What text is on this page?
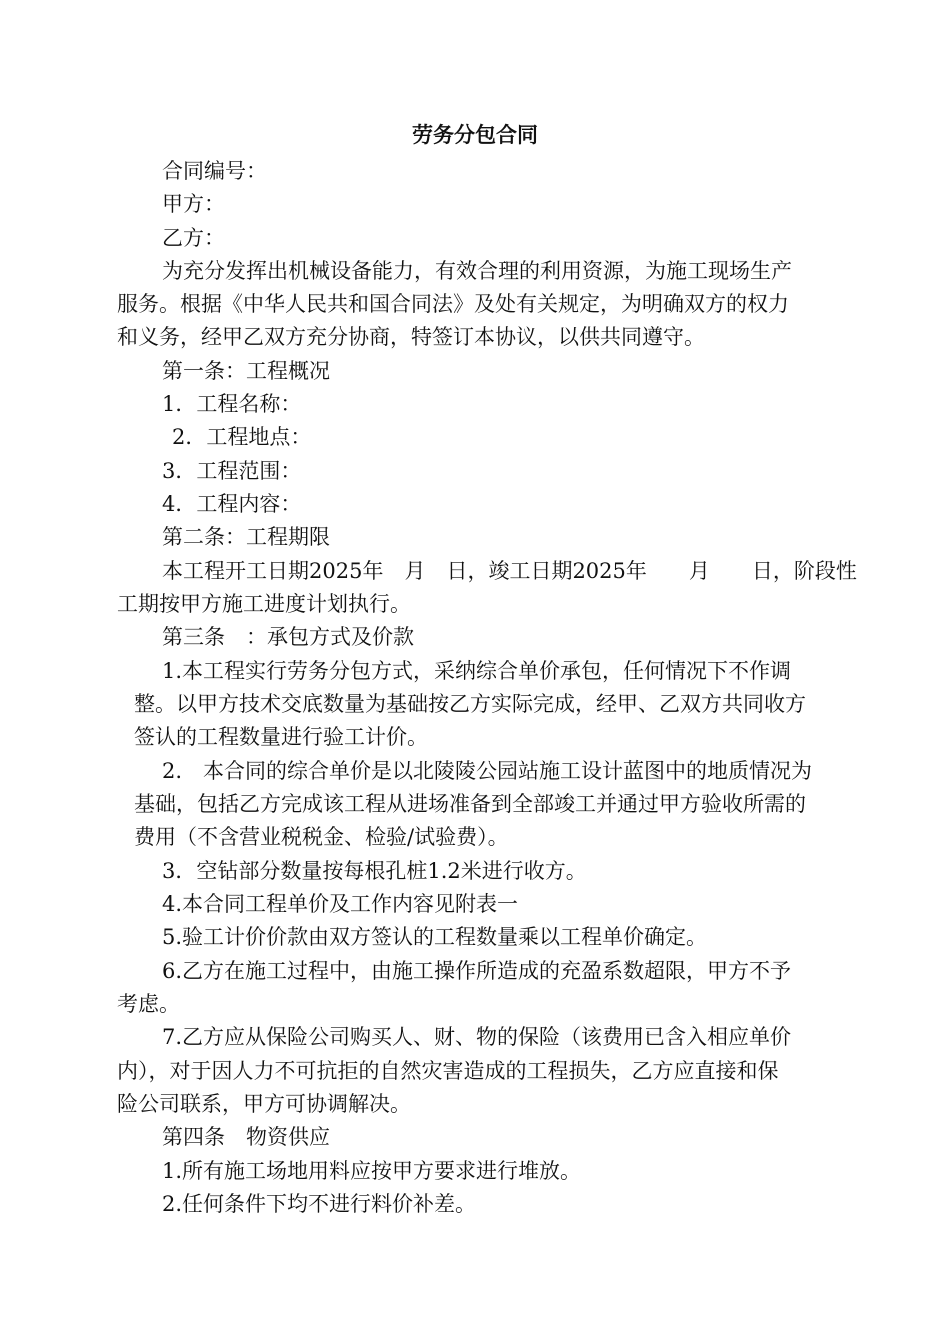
劳务分包合同
合同编号：
甲方：
乙方：
为充分发挥出机械设备能力，有效合理的利用资源，为施工现场生产
服务。根据《中华人民共和国合同法》及处有关规定，为明确双方的权力
和义务，经甲乙双方充分协商，特签订本协议，以供共同遵守。
第一条：工程概况
1．工程名称：
2．工程地点：
3．工程范围：
4．工程内容：
第二条：工程期限
本工程开工日期2025年　月　日，竣工日期2025年　　月　　日，阶段性
工期按甲方施工进度计划执行。
第三条　：承包方式及价款
1.本工程实行劳务分包方式，采纳综合单价承包，任何情况下不作调
整。以甲方技术交底数量为基础按乙方实际完成，经甲、乙双方共同收方
签认的工程数量进行验工计价。
2.　本合同的综合单价是以北陵陵公园站施工设计蓝图中的地质情况为
基础，包括乙方完成该工程从进场准备到全部竣工并通过甲方验收所需的
费用（不含营业税税金、检验/试验费）。
3．空钻部分数量按每根孔桩1.2米进行收方。
4.本合同工程单价及工作内容见附表一
5.验工计价价款由双方签认的工程数量乘以工程单价确定。
6.乙方在施工过程中，由施工操作所造成的充盈系数超限，甲方不予
考虑。
7.乙方应从保险公司购买人、财、物的保险（该费用已含入相应单价
内），对于因人力不可抗拒的自然灾害造成的工程损失，乙方应直接和保
险公司联系，甲方可协调解决。
第四条　物资供应
1.所有施工场地用料应按甲方要求进行堆放。
2.任何条件下均不进行料价补差。
